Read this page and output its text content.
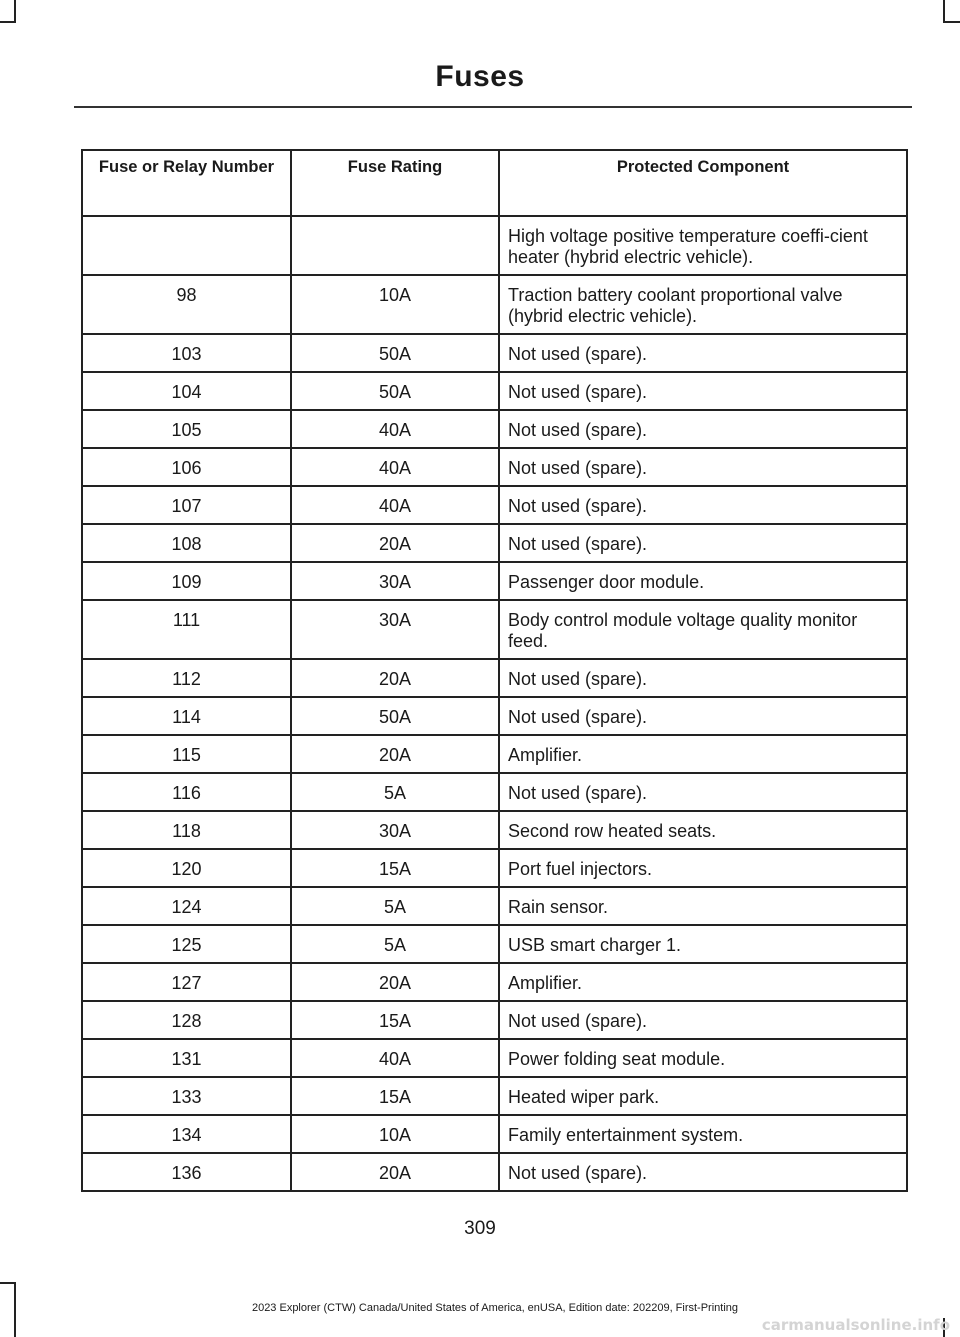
Fuses
Fuse or Relay Number	Fuse Rating	Protected Component
		High voltage positive temperature coeffi-cient heater (hybrid electric vehicle).
98	10A	Traction battery coolant proportional valve (hybrid electric vehicle).
103	50A	Not used (spare).
104	50A	Not used (spare).
105	40A	Not used (spare).
106	40A	Not used (spare).
107	40A	Not used (spare).
108	20A	Not used (spare).
109	30A	Passenger door module.
111	30A	Body control module voltage quality monitor feed.
112	20A	Not used (spare).
114	50A	Not used (spare).
115	20A	Amplifier.
116	5A	Not used (spare).
118	30A	Second row heated seats.
120	15A	Port fuel injectors.
124	5A	Rain sensor.
125	5A	USB smart charger 1.
127	20A	Amplifier.
128	15A	Not used (spare).
131	40A	Power folding seat module.
133	15A	Heated wiper park.
134	10A	Family entertainment system.
136	20A	Not used (spare).
309
2023 Explorer (CTW) Canada/United States of America, enUSA, Edition date: 202209, First-Printing
carmanualsonline.info
